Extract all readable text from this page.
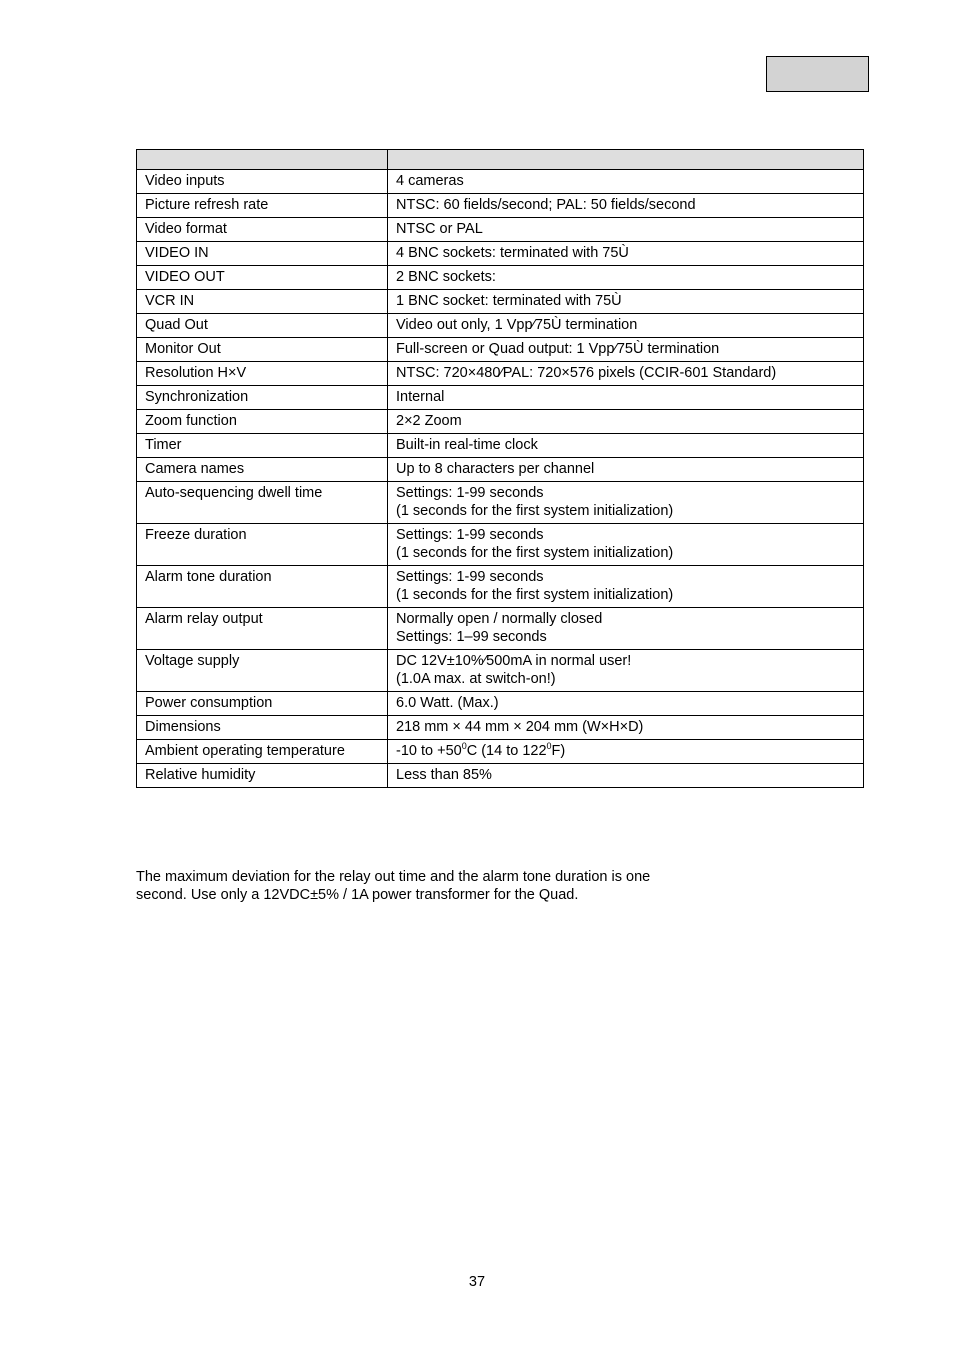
Video inputs	4 cameras

Picture refresh rate	NTSC: 60 fields/second; PAL: 50 fields/second

Video format	NTSC or PAL

VIDEO IN	4 BNC sockets: terminated with 75Ù

VIDEO OUT	2 BNC sockets:

VCR IN	1 BNC socket: terminated with 75Ù

Quad Out	Video out only, 1 Vpp∕75Ù termination

Monitor Out	Full-screen or Quad output: 1 Vpp∕75Ù termination

Resolution H×V	NTSC: 720×480∕PAL: 720×576 pixels (CCIR-601 Standard)

Synchronization	Internal

Zoom function	2×2 Zoom

Timer	Built-in real-time clock

Camera names	Up to 8 characters per channel

Auto-sequencing dwell time	Settings: 1-99 seconds
(1 seconds for the first system initialization)

Freeze duration	Settings: 1-99 seconds
(1 seconds for the first system initialization)

Alarm tone duration	Settings: 1-99 seconds
(1 seconds for the first system initialization)

Alarm relay output	Normally open / normally closed
Settings: 1–99 seconds

Voltage supply	DC 12V±10%⁄500mA in normal user!
(1.0A max. at switch-on!)

Power consumption	6.0 Watt. (Max.)

Dimensions	218 mm × 44 mm × 204 mm (W×H×D)

Ambient operating temperature	-10 to $+50^0C$ (14 to $122^0F$)
Relative humidity	Less than 85%
The maximum deviation for the relay out time and the alarm tone duration is one
second. Use only a 12VDC±5% / 1A power transformer for the Quad.
37
